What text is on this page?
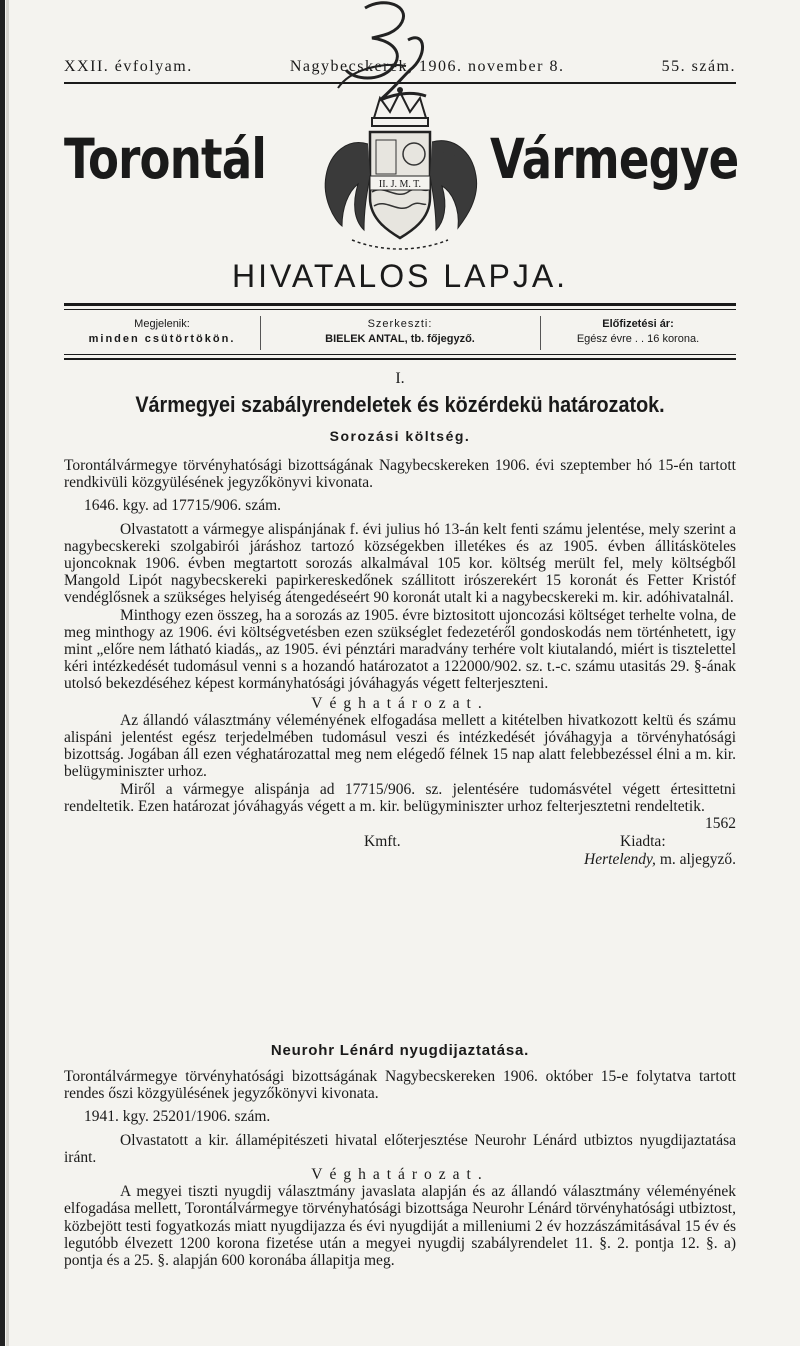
XXII. évfolyam.	Nagybecskerek, 1906. november 8.	55. szám.
Torontál	II. J. M. T. Vármegye
HIVATALOS LAPJA.
Megjelenik:
minden csütörtökön.
Szerkeszti:
BIELEK ANTAL, tb. főjegyző.
Előfizetési ár:
Egész évre . . 16 korona.
I.
Vármegyei szabályrendeletek és közérdekü határozatok.
Sorozási költség.

Torontálvármegye törvényhatósági bizottságának Nagybecskereken 1906. évi szeptember hó 15-én tartott rendkivüli közgyülésének jegyzőkönyvi kivonata.

1646. kgy. ad 17715/906. szám.

Olvastatott a vármegye alispánjának f. évi julius hó 13-án kelt fenti számu jelentése, mely szerint a nagybecskereki szolgabirói járáshoz tartozó községekben illetékes és az 1905. évben állitásköteles ujoncoknak 1906. évben megtartott sorozás alkalmával 105 kor. költség merült fel, mely költségből Mangold Lipót nagybecskereki papirkereskedőnek szállitott irószerekért 15 koronát és Fetter Kristóf vendéglősnek a szükséges helyiség átengedéseért 90 koronát utalt ki a nagybecskereki m. kir. adóhivatalnál.

Minthogy ezen összeg, ha a sorozás az 1905. évre biztositott ujoncozási költséget terhelte volna, de meg minthogy az 1906. évi költségvetésben ezen szükséglet fedezetéről gondoskodás nem történhetett, igy mint „előre nem látható kiadás„ az 1905. évi pénztári maradvány terhére volt kiutalandó, miért is tisztelettel kéri intézkedését tudomásul venni s a hozandó határozatot a 122000/902. sz. t.-c. számu utasitás 29. §-ának utolsó bekezdéséhez képest kormányhatósági jóváhagyás végett felterjeszteni.

Véghatározat.

Az állandó választmány véleményének elfogadása mellett a kitételben hivatkozott keltü és számu alispáni jelentést egész terjedelmében tudomásul veszi és intézkedését jóváhagyja a törvényhatósági bizottság. Jogában áll ezen véghatározattal meg nem elégedő félnek 15 nap alatt felebbezéssel élni a m. kir. belügyminiszter urhoz.

Miről a vármegye alispánja ad 17715/906. sz. jelentésére tudomásvétel végett értesittetni rendeltetik. Ezen határozat jóváhagyás végett a m. kir. belügyminiszter urhoz felterjesztetni rendeltetik.

1562
Kmft.	Kiadta:
Hertelendy, m. aljegyző.
Neurohr Lénárd nyugdijaztatása.

Torontálvármegye törvényhatósági bizottságának Nagybecskereken 1906. október 15-e folytatva tartott rendes őszi közgyülésének jegyzőkönyvi kivonata.

1941. kgy. 25201/1906. szám.

Olvastatott a kir. államépitészeti hivatal előterjesztése Neurohr Lénárd utbiztos nyugdijaztatása iránt.

Véghatározat.

A megyei tiszti nyugdij választmány javaslata alapján és az állandó választmány véleményének elfogadása mellett, Torontálvármegye törvényhatósági bizottsága Neurohr Lénárd törvényhatósági utbiztost, közbejött testi fogyatkozás miatt nyugdijazza és évi nyugdiját a milleniumi 2 év hozzászámitásával 15 év és legutóbb élvezett 1200 korona fizetése után a megyei nyugdij szabályrendelet 11. §. 2. pontja 12. §. a) pontja és a 25. §. alapján 600 koronába állapitja meg.
